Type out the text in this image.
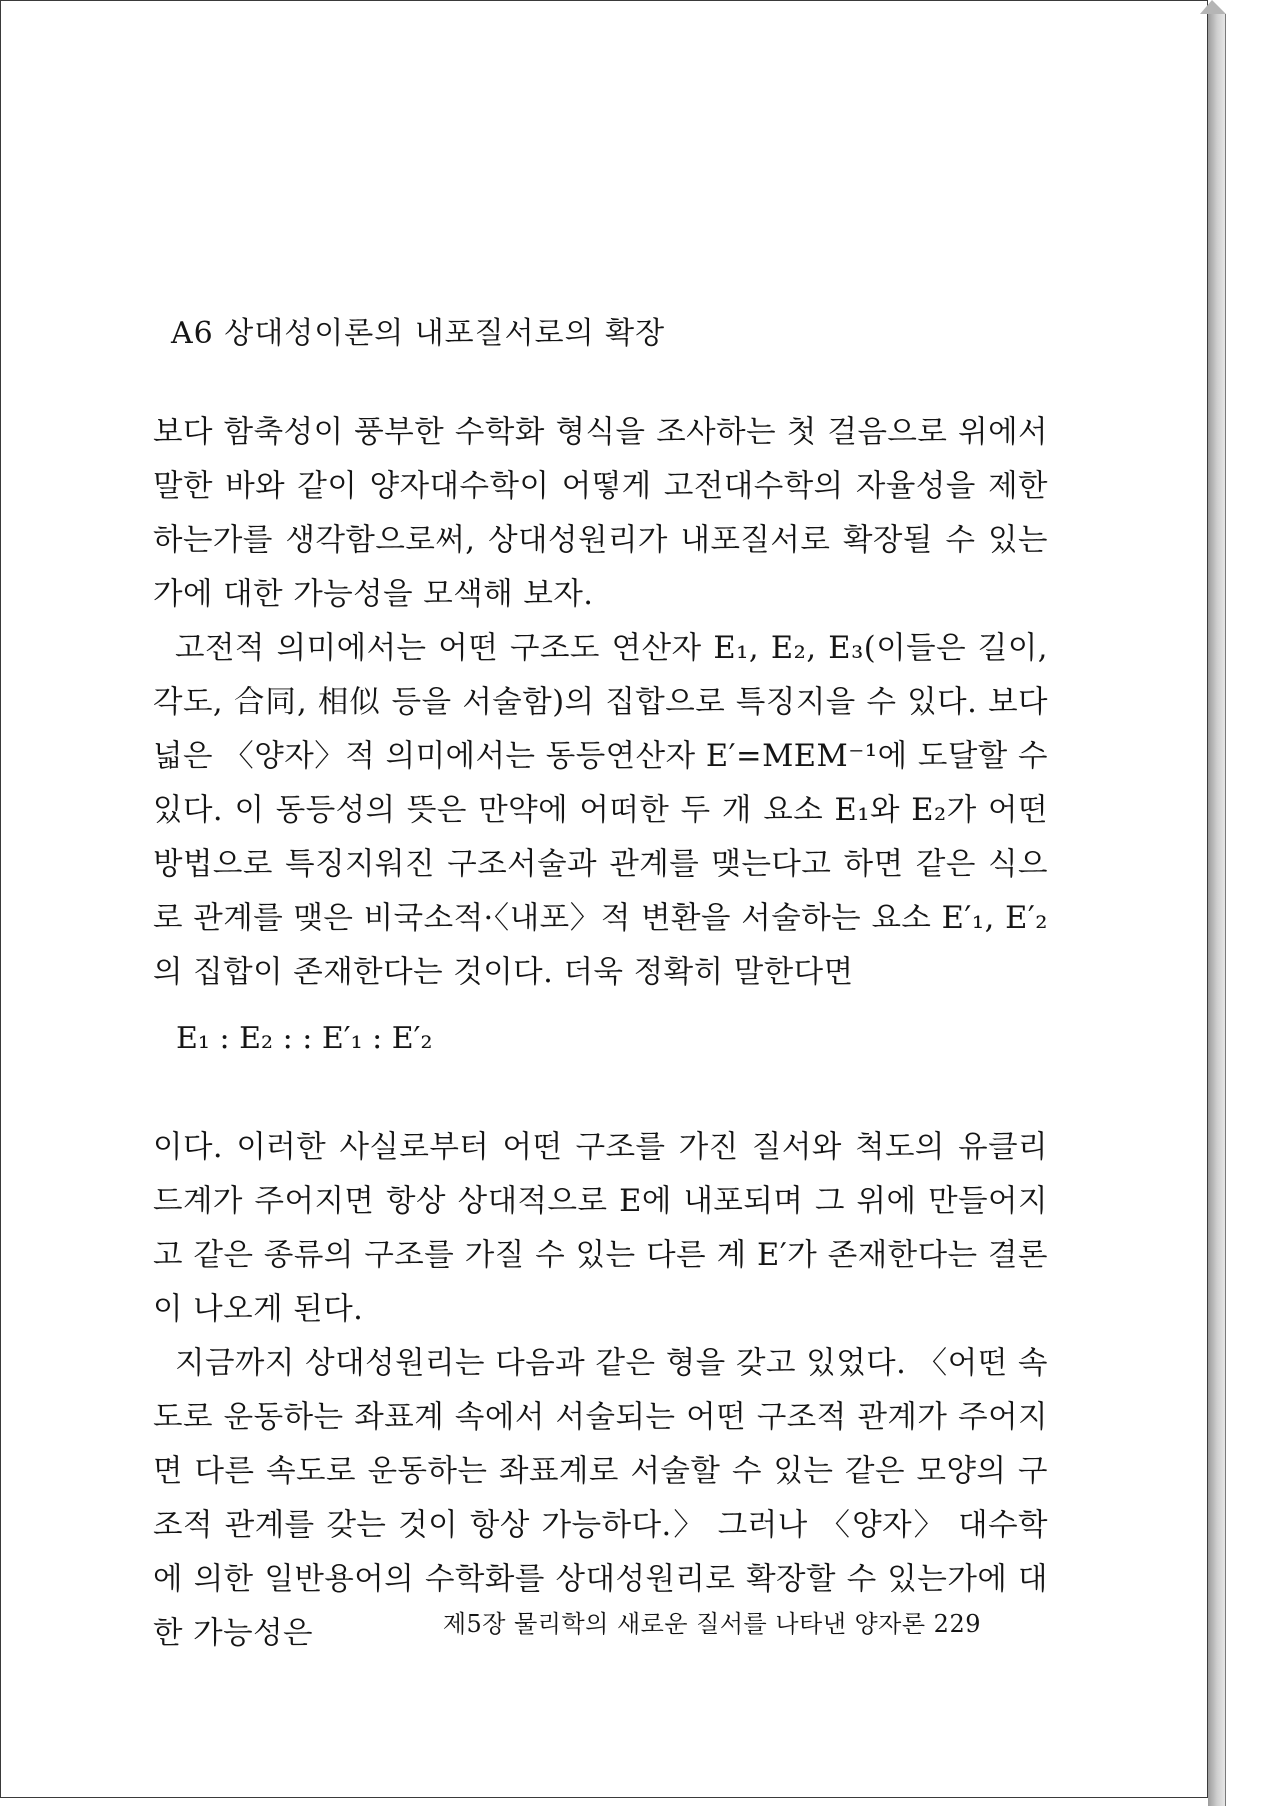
A6 상대성이론의 내포질서로의 확장

보다 함축성이 풍부한 수학화 형식을 조사하는 첫 걸음으로 위에서 말한 바와 같이 양자대수학이 어떻게 고전대수학의 자율성을 제한하는가를 생각함으로써, 상대성원리가 내포질서로 확장될 수 있는가에 대한 가능성을 모색해 보자.

고전적 의미에서는 어떤 구조도 연산자 E₁, E₂, E₃(이들은 길이, 각도, 合同, 相似 등을 서술함)의 집합으로 특징지을 수 있다. 보다 넓은 〈양자〉적 의미에서는 동등연산자 E′=MEM⁻¹에 도달할 수 있다. 이 동등성의 뜻은 만약에 어떠한 두 개 요소 E₁와 E₂가 어떤 방법으로 특징지워진 구조서술과 관계를 맺는다고 하면 같은 식으로 관계를 맺은 비국소적·〈내포〉적 변환을 서술하는 요소 E′₁, E′₂의 집합이 존재한다는 것이다. 더욱 정확히 말한다면

E₁ : E₂ : : E′₁ : E′₂

이다. 이러한 사실로부터 어떤 구조를 가진 질서와 척도의 유클리드계가 주어지면 항상 상대적으로 E에 내포되며 그 위에 만들어지고 같은 종류의 구조를 가질 수 있는 다른 계 E′가 존재한다는 결론이 나오게 된다.

지금까지 상대성원리는 다음과 같은 형을 갖고 있었다. 〈어떤 속도로 운동하는 좌표계 속에서 서술되는 어떤 구조적 관계가 주어지면 다른 속도로 운동하는 좌표계로 서술할 수 있는 같은 모양의 구조적 관계를 갖는 것이 항상 가능하다.〉 그러나 〈양자〉 대수학에 의한 일반용어의 수학화를 상대성원리로 확장할 수 있는가에 대한 가능성은	제5장 물리학의 새로운 질서를 나타낸 양자론 229
